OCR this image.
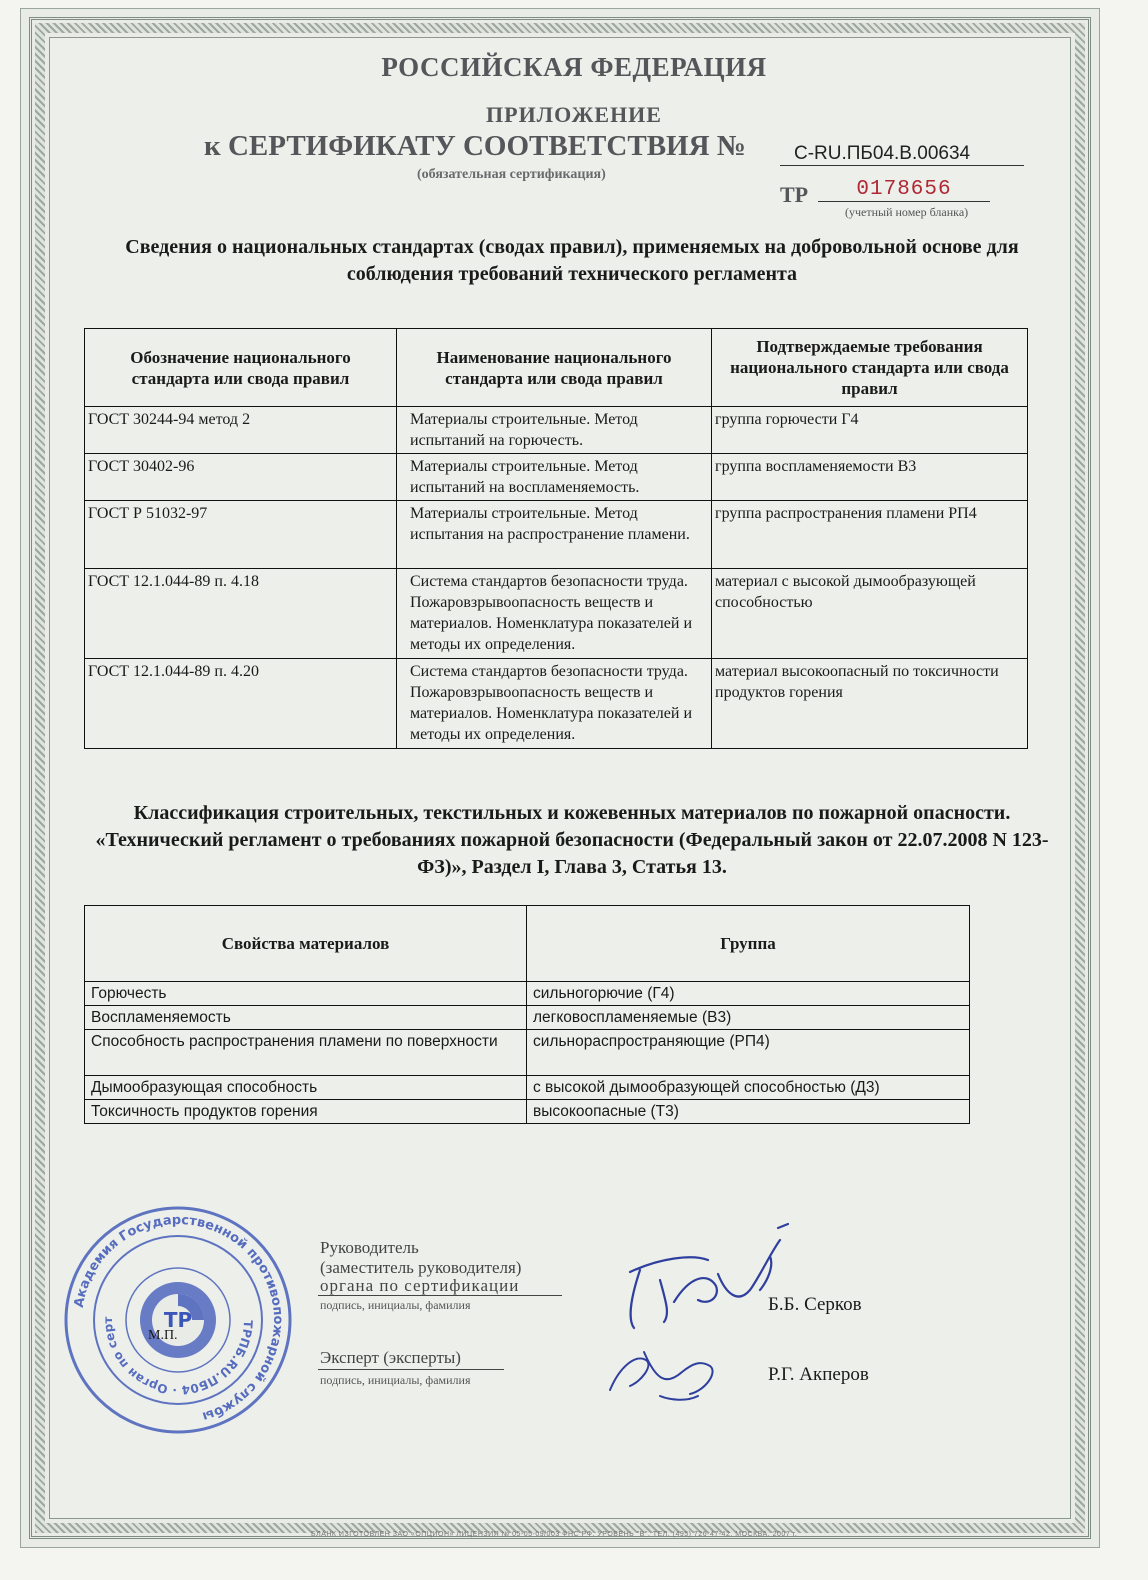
БЛАНК ИЗГОТОВЛЕН ЗАО «ОПЦИОН» ЛИЦЕНЗИЯ № 05-05-09/003 ФНС РФ, УРОВЕНЬ "В", ТЕЛ. (495) 726-47-42, МОСКВА, 2007 г.
РОССИЙСКАЯ ФЕДЕРАЦИЯ
ПРИЛОЖЕНИЕ
к СЕРТИФИКАТУ СООТВЕТСТВИЯ №	C-RU.ПБ04.В.00634
(обязательная сертификация)
ТР	0178656
(учетный номер бланка)
Сведения о национальных стандартах (сводах правил), применяемых на добровольной основе для соблюдения требований технического регламента
Обозначение национального стандарта или свода правил	Наименование национального стандарта или свода правил	Подтверждаемые требования национального стандарта или свода правил
ГОСТ 30244-94 метод 2	Материалы строительные. Метод испытаний на горючесть.	группа горючести Г4
ГОСТ 30402-96	Материалы строительные. Метод испытаний на воспламеняемость.	группа воспламеняемости В3
ГОСТ Р 51032-97	Материалы строительные. Метод испытания на распространение пламени.	группа распространения пламени РП4
ГОСТ 12.1.044-89 п. 4.18	Система стандартов безопасности труда. Пожаровзрывоопасность веществ и материалов. Номенклатура показателей и методы их определения.	материал с высокой дымообразующей способностью
ГОСТ 12.1.044-89 п. 4.20	Система стандартов безопасности труда. Пожаровзрывоопасность веществ и материалов. Номенклатура показателей и методы их определения.	материал высокоопасный по токсичности продуктов горения
Классификация строительных, текстильных и кожевенных материалов по пожарной опасности.
«Технический регламент о требованиях пожарной безопасности (Федеральный закон от 22.07.2008 N 123-ФЗ)», Раздел I, Глава 3, Статья 13.
Свойства материалов	Группа
Горючесть	сильногорючие (Г4)
Воспламеняемость	легковоспламеняемые (В3)
Способность распространения пламени по поверхности	сильнораспространяющие (РП4)
Дымообразующая способность	с высокой дымообразующей способностью (Д3)
Токсичность продуктов горения	высокоопасные (Т3)
Академия Государственной противопожарной службы
ТРПБ.RU.ПБ04 · Орган по серт	TP
М.П.
Руководитель
(заместитель руководителя)
органа по сертификации
подпись, инициалы, фамилия	Б.Б. Серков
Эксперт (эксперты)
подпись, инициалы, фамилия	Р.Г. Акперов
